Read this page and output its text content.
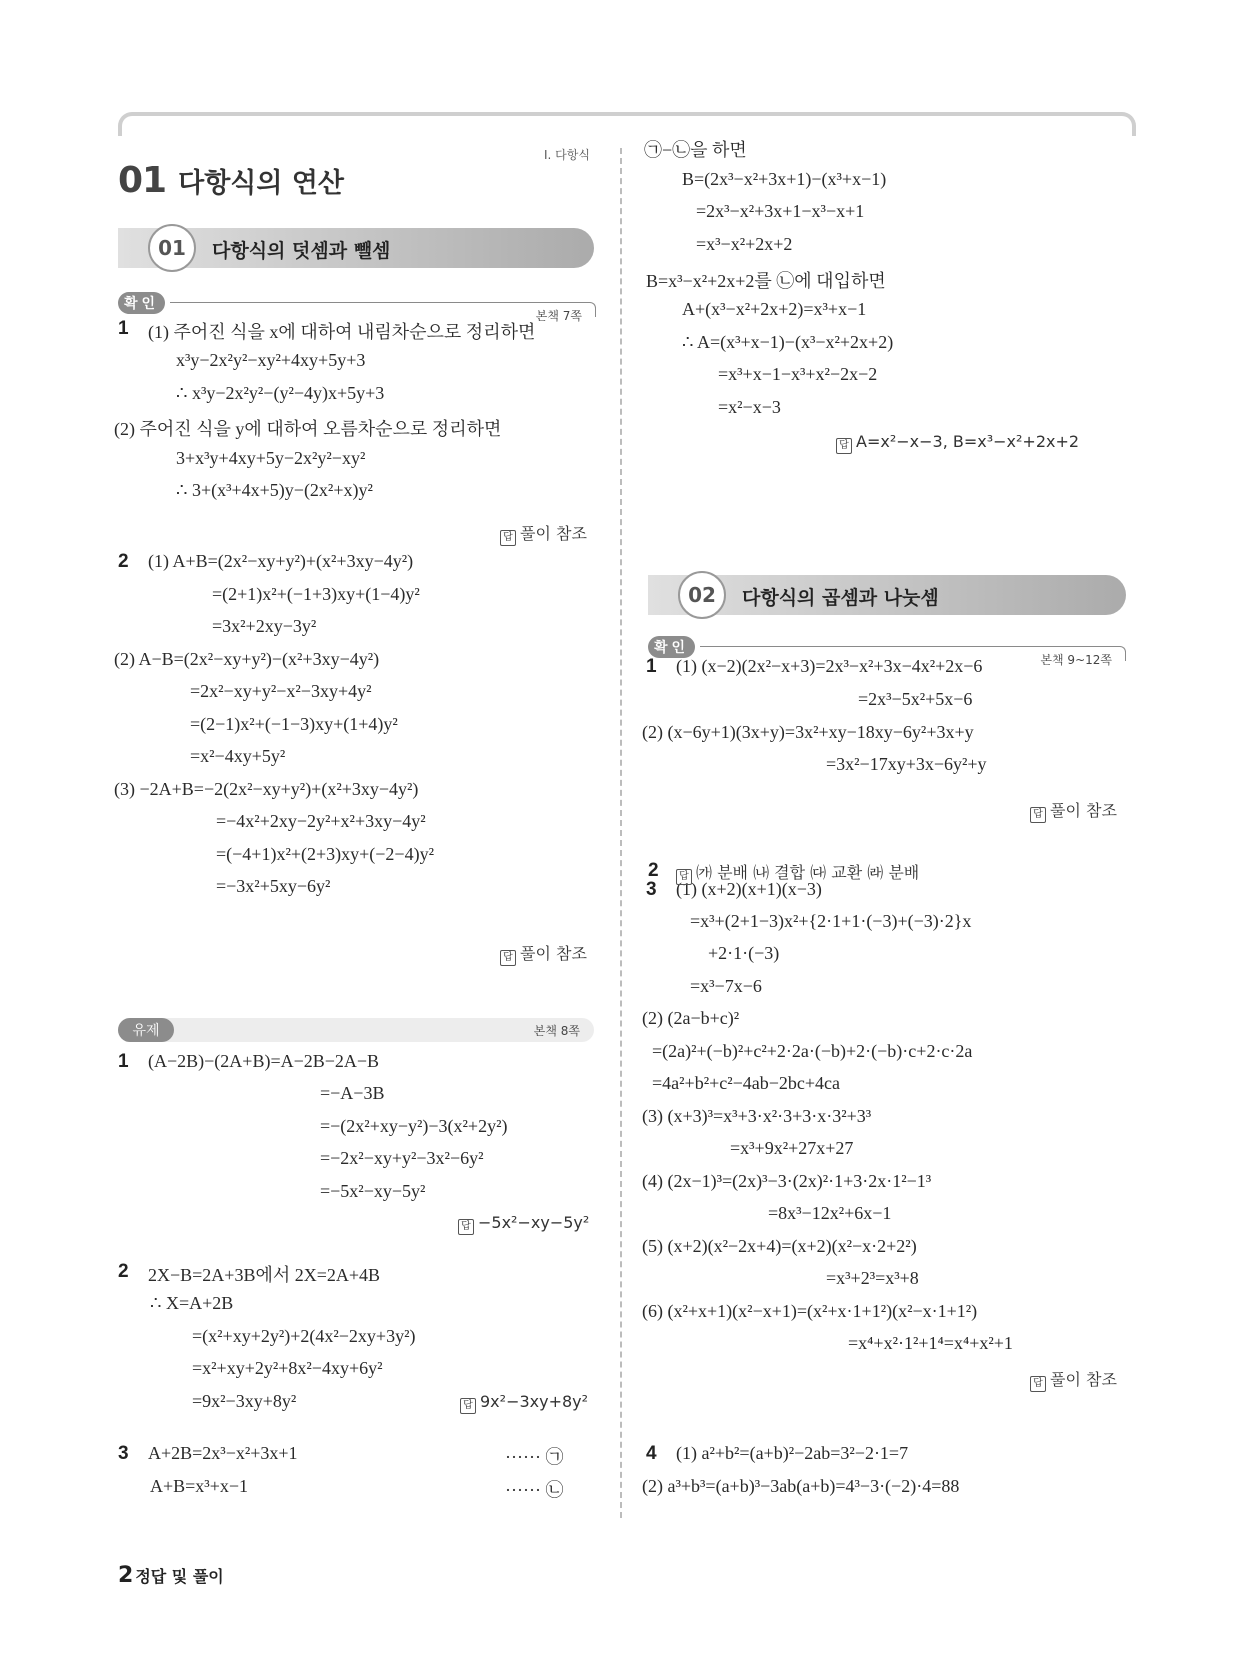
Ⅰ. 다항식
01 다항식의 연산
01	다항식의 덧셈과 뺄셈
확인
본책 7쪽
유제	본책 8쪽
02	다항식의 곱셈과 나눗셈
확인
본책 9~12쪽
1 (1) 주어진 식을 x에 대하여 내림차순으로 정리하면
x³y−2x²y²−xy²+4xy+5y+3
∴ x³y−2x²y²−(y²−4y)x+5y+3
(2) 주어진 식을 y에 대하여 오름차순으로 정리하면
3+x³y+4xy+5y−2x²y²−xy²
∴ 3+(x³+4x+5)y−(2x²+x)y²
2 (1) A+B=(2x²−xy+y²)+(x²+3xy−4y²)
=(2+1)x²+(−1+3)xy+(1−4)y²
=3x²+2xy−3y²
(2) A−B=(2x²−xy+y²)−(x²+3xy−4y²)
=2x²−xy+y²−x²−3xy+4y²
=(2−1)x²+(−1−3)xy+(1+4)y²
=x²−4xy+5y²
(3) −2A+B=−2(2x²−xy+y²)+(x²+3xy−4y²)
=−4x²+2xy−2y²+x²+3xy−4y²
=(−4+1)x²+(2+3)xy+(−2−4)y²
=−3x²+5xy−6y²
1 (A−2B)−(2A+B)=A−2B−2A−B
=−A−3B
=−(2x²+xy−y²)−3(x²+2y²)
=−2x²−xy+y²−3x²−6y²
=−5x²−xy−5y²
2 2X−B=2A+3B에서 2X=2A+4B
∴ X=A+2B
=(x²+xy+2y²)+2(4x²−2xy+3y²)
=x²+xy+2y²+8x²−4xy+6y²
=9x²−3xy+8y²
3 A+2B=2x³−x²+3x+1
A+B=x³+x−1
㉠−㉡을 하면
B=(2x³−x²+3x+1)−(x³+x−1)
=2x³−x²+3x+1−x³−x+1
=x³−x²+2x+2
B=x³−x²+2x+2를 ㉡에 대입하면
A+(x³−x²+2x+2)=x³+x−1
∴ A=(x³+x−1)−(x³−x²+2x+2)
=x³+x−1−x³+x²−2x−2
=x²−x−3
1 (1) (x−2)(2x²−x+3)=2x³−x²+3x−4x²+2x−6
=2x³−5x²+5x−6
(2) (x−6y+1)(3x+y)=3x²+xy−18xy−6y²+3x+y
=3x²−17xy+3x−6y²+y
3 (1) (x+2)(x+1)(x−3)
=x³+(2+1−3)x²+{2·1+1·(−3)+(−3)·2}x
+2·1·(−3)
=x³−7x−6
(2) (2a−b+c)²
=(2a)²+(−b)²+c²+2·2a·(−b)+2·(−b)·c+2·c·2a
=4a²+b²+c²−4ab−2bc+4ca
(3) (x+3)³=x³+3·x²·3+3·x·3²+3³
=x³+9x²+27x+27
(4) (2x−1)³=(2x)³−3·(2x)²·1+3·2x·1²−1³
=8x³−12x²+6x−1
(5) (x+2)(x²−2x+4)=(x+2)(x²−x·2+2²)
=x³+2³=x³+8
(6) (x²+x+1)(x²−x+1)=(x²+x·1+1²)(x²−x·1+1²)
=x⁴+x²·1²+1⁴=x⁴+x²+1
4 (1) a²+b²=(a+b)²−2ab=3²−2·1=7
(2) a³+b³=(a+b)³−3ab(a+b)=4³−3·(−2)·4=88
······ ㉠
······ ㉡
답 풀이 참조
답 풀이 참조
답 −5x²−xy−5y²
답 9x²−3xy+8y²
답 A=x²−x−3, B=x³−x²+2x+2
답 풀이 참조
답 풀이 참조
2	답 ㈎ 분배 ㈏ 결합 ㈐ 교환 ㈑ 분배
2 정답 및 풀이
